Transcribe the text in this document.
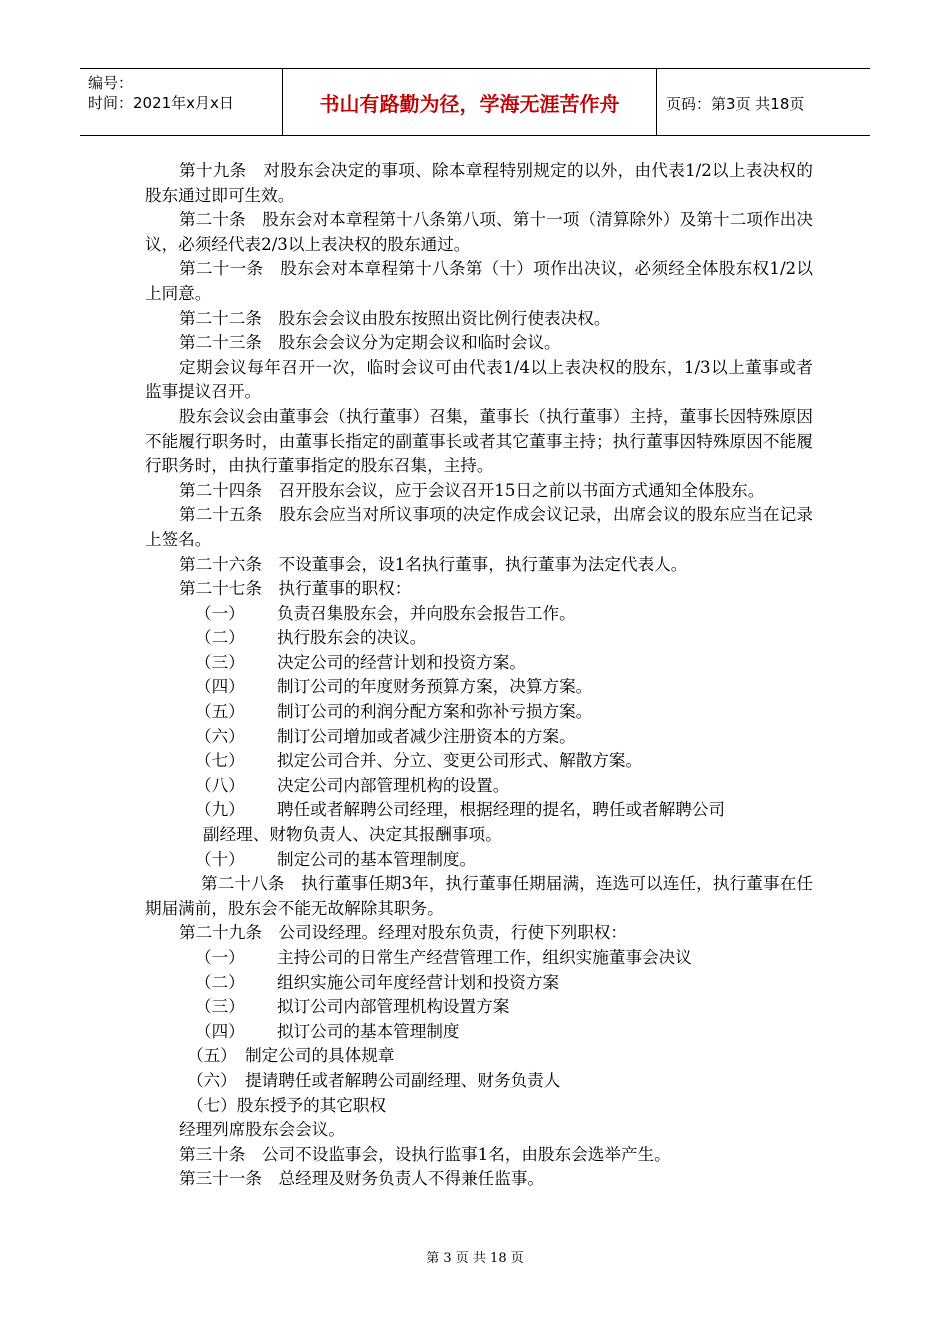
编号：
时间：2021年x月x日	书山有路勤为径，学海无涯苦作舟	页码：第3页 共18页

第十九条　对股东会决定的事项、除本章程特别规定的以外，由代表1/2以上表决权的股东通过即可生效。

第二十条　股东会对本章程第十八条第八项、第十一项（清算除外）及第十二项作出决议，必须经代表2/3以上表决权的股东通过。

第二十一条　股东会对本章程第十八条第（十）项作出决议，必须经全体股东权1/2以上同意。

第二十二条　股东会会议由股东按照出资比例行使表决权。

第二十三条　股东会会议分为定期会议和临时会议。

定期会议每年召开一次，临时会议可由代表1/4以上表决权的股东，1/3以上董事或者监事提议召开。

股东会议会由董事会（执行董事）召集，董事长（执行董事）主持，董事长因特殊原因不能履行职务时，由董事长指定的副董事长或者其它董事主持；执行董事因特殊原因不能履行职务时，由执行董事指定的股东召集，主持。

第二十四条　召开股东会议，应于会议召开15日之前以书面方式通知全体股东。

第二十五条　股东会应当对所议事项的决定作成会议记录，出席会议的股东应当在记录上签名。

第二十六条　不设董事会，设1名执行董事，执行董事为法定代表人。

第二十七条　执行董事的职权：

（一） 负责召集股东会，并向股东会报告工作。

（二） 执行股东会的决议。

（三） 决定公司的经营计划和投资方案。

（四） 制订公司的年度财务预算方案，决算方案。

（五） 制订公司的利润分配方案和弥补亏损方案。

（六） 制订公司增加或者减少注册资本的方案。

（七） 拟定公司合并、分立、变更公司形式、解散方案。

（八） 决定公司内部管理机构的设置。

（九） 聘任或者解聘公司经理，根据经理的提名，聘任或者解聘公司

副经理、财物负责人、决定其报酬事项。

（十） 制定公司的基本管理制度。

第二十八条　执行董事任期3年，执行董事任期届满，连选可以连任，执行董事在任期届满前，股东会不能无故解除其职务。

第二十九条　公司设经理。经理对股东负责，行使下列职权：

（一） 主持公司的日常生产经营管理工作，组织实施董事会决议

（二） 组织实施公司年度经营计划和投资方案

（三） 拟订公司内部管理机构设置方案

（四） 拟订公司的基本管理制度

（五）　制定公司的具体规章

（六）　提请聘任或者解聘公司副经理、财务负责人

（七）股东授予的其它职权

经理列席股东会会议。

第三十条　公司不设监事会，设执行监事1名，由股东会选举产生。

第三十一条　总经理及财务负责人不得兼任监事。

第 3 页 共 18 页
